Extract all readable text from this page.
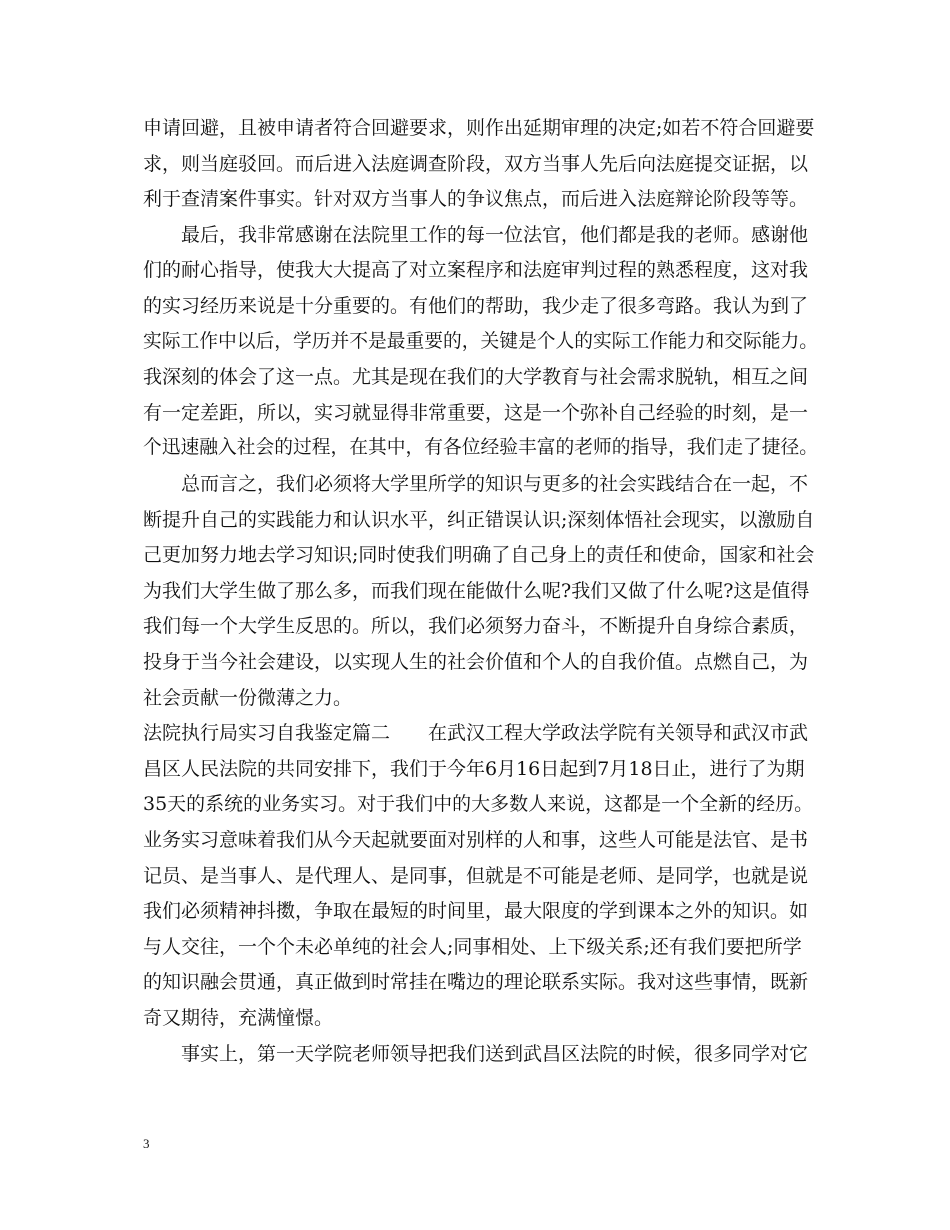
申请回避，且被申请者符合回避要求，则作出延期审理的决定;如若不符合回避要
求，则当庭驳回。而后进入法庭调查阶段，双方当事人先后向法庭提交证据，以
利于查清案件事实。针对双方当事人的争议焦点，而后进入法庭辩论阶段等等。
　　最后，我非常感谢在法院里工作的每一位法官，他们都是我的老师。感谢他
们的耐心指导，使我大大提高了对立案程序和法庭审判过程的熟悉程度，这对我
的实习经历来说是十分重要的。有他们的帮助，我少走了很多弯路。我认为到了
实际工作中以后，学历并不是最重要的，关键是个人的实际工作能力和交际能力。
我深刻的体会了这一点。尤其是现在我们的大学教育与社会需求脱轨，相互之间
有一定差距，所以，实习就显得非常重要，这是一个弥补自己经验的时刻，是一
个迅速融入社会的过程，在其中，有各位经验丰富的老师的指导，我们走了捷径。
　　总而言之，我们必须将大学里所学的知识与更多的社会实践结合在一起，不
断提升自己的实践能力和认识水平，纠正错误认识;深刻体悟社会现实，以激励自
己更加努力地去学习知识;同时使我们明确了自己身上的责任和使命，国家和社会
为我们大学生做了那么多，而我们现在能做什么呢?我们又做了什么呢?这是值得
我们每一个大学生反思的。所以，我们必须努力奋斗，不断提升自身综合素质，
投身于当今社会建设，以实现人生的社会价值和个人的自我价值。点燃自己，为
社会贡献一份微薄之力。
法院执行局实习自我鉴定篇二　　在武汉工程大学政法学院有关领导和武汉市武
昌区人民法院的共同安排下，我们于今年6月16日起到7月18日止，进行了为期
35天的系统的业务实习。对于我们中的大多数人来说，这都是一个全新的经历。
业务实习意味着我们从今天起就要面对别样的人和事，这些人可能是法官、是书
记员、是当事人、是代理人、是同事，但就是不可能是老师、是同学，也就是说
我们必须精神抖擞，争取在最短的时间里，最大限度的学到课本之外的知识。如
与人交往，一个个未必单纯的社会人;同事相处、上下级关系;还有我们要把所学
的知识融会贯通，真正做到时常挂在嘴边的理论联系实际。我对这些事情，既新
奇又期待，充满憧憬。
　　事实上，第一天学院老师领导把我们送到武昌区法院的时候，很多同学对它
3
